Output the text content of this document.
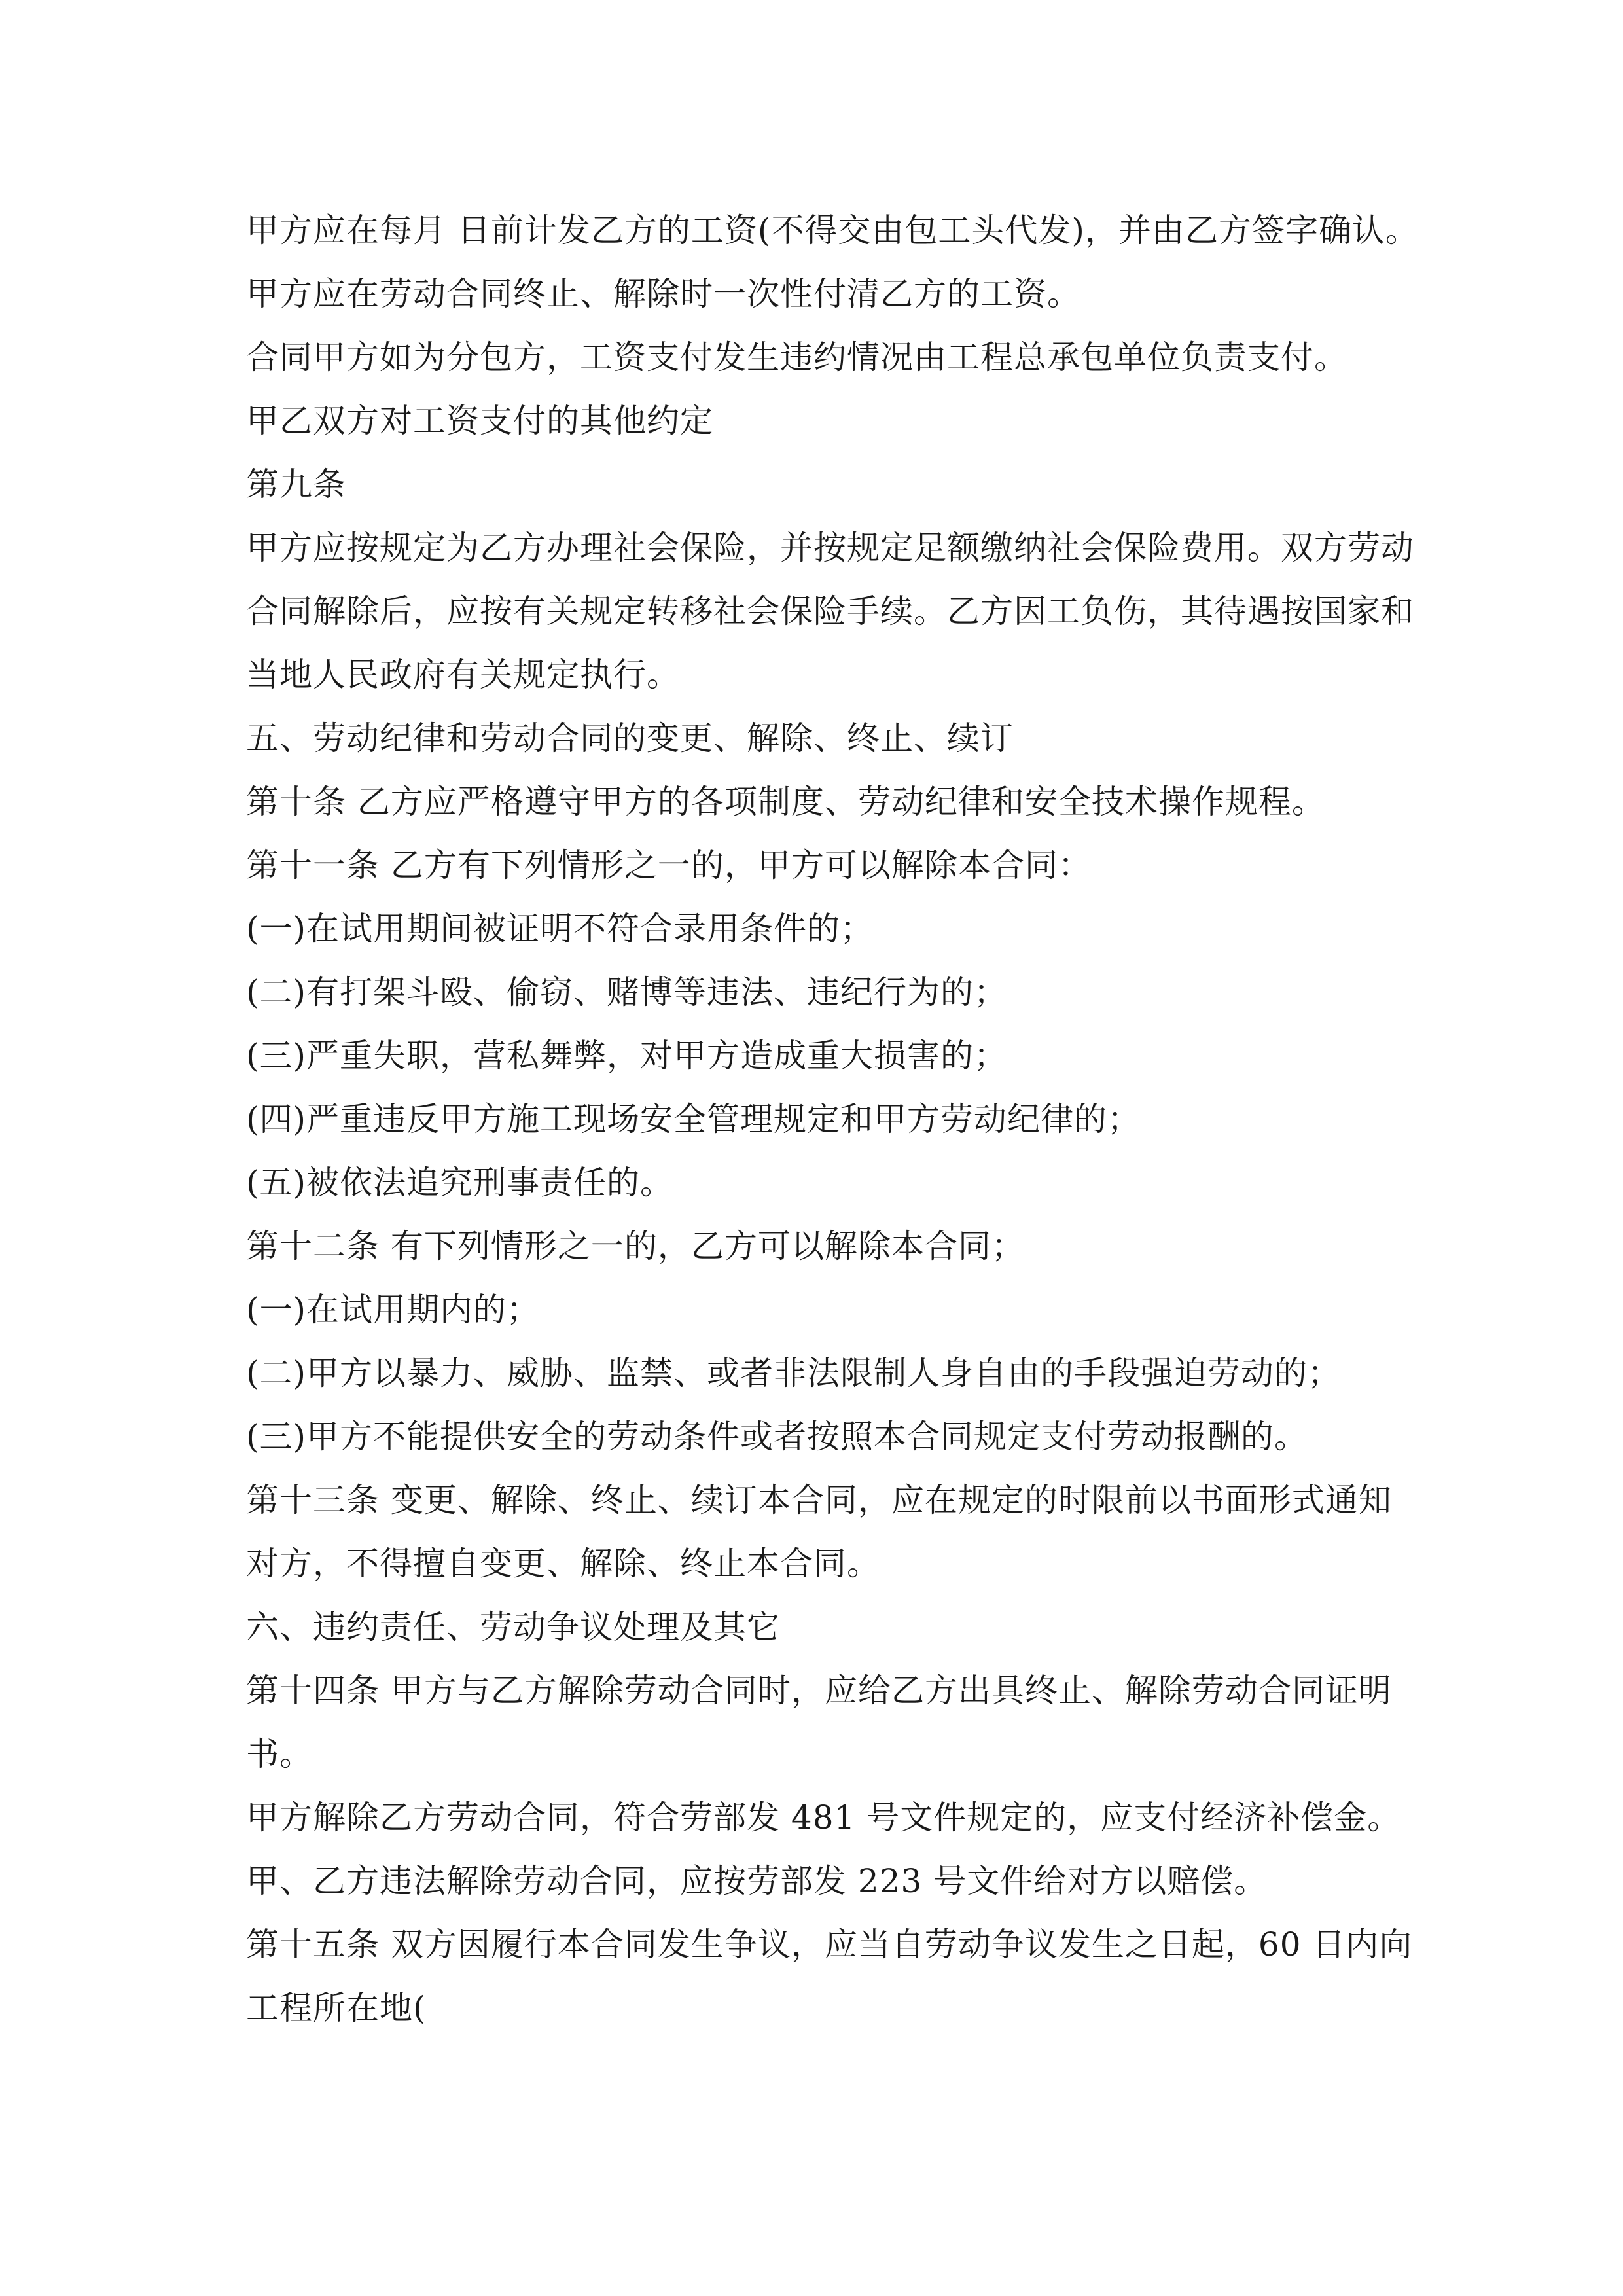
甲方应在每月 日前计发乙方的工资(不得交由包工头代发)，并由乙方签字确认。
甲方应在劳动合同终止、解除时一次性付清乙方的工资。
合同甲方如为分包方，工资支付发生违约情况由工程总承包单位负责支付。
甲乙双方对工资支付的其他约定
第九条
甲方应按规定为乙方办理社会保险，并按规定足额缴纳社会保险费用。双方劳动
合同解除后，应按有关规定转移社会保险手续。乙方因工负伤，其待遇按国家和
当地人民政府有关规定执行。
五、劳动纪律和劳动合同的变更、解除、终止、续订
第十条 乙方应严格遵守甲方的各项制度、劳动纪律和安全技术操作规程。
第十一条 乙方有下列情形之一的，甲方可以解除本合同：
(一)在试用期间被证明不符合录用条件的；
(二)有打架斗殴、偷窃、赌博等违法、违纪行为的；
(三)严重失职，营私舞弊，对甲方造成重大损害的；
(四)严重违反甲方施工现场安全管理规定和甲方劳动纪律的；
(五)被依法追究刑事责任的。
第十二条 有下列情形之一的，乙方可以解除本合同；
(一)在试用期内的；
(二)甲方以暴力、威胁、监禁、或者非法限制人身自由的手段强迫劳动的；
(三)甲方不能提供安全的劳动条件或者按照本合同规定支付劳动报酬的。
第十三条 变更、解除、终止、续订本合同，应在规定的时限前以书面形式通知
对方，不得擅自变更、解除、终止本合同。
六、违约责任、劳动争议处理及其它
第十四条 甲方与乙方解除劳动合同时，应给乙方出具终止、解除劳动合同证明
书。
甲方解除乙方劳动合同，符合劳部发 481 号文件规定的，应支付经济补偿金。
甲、乙方违法解除劳动合同，应按劳部发 223 号文件给对方以赔偿。
第十五条 双方因履行本合同发生争议，应当自劳动争议发生之日起，60 日内向
工程所在地(
